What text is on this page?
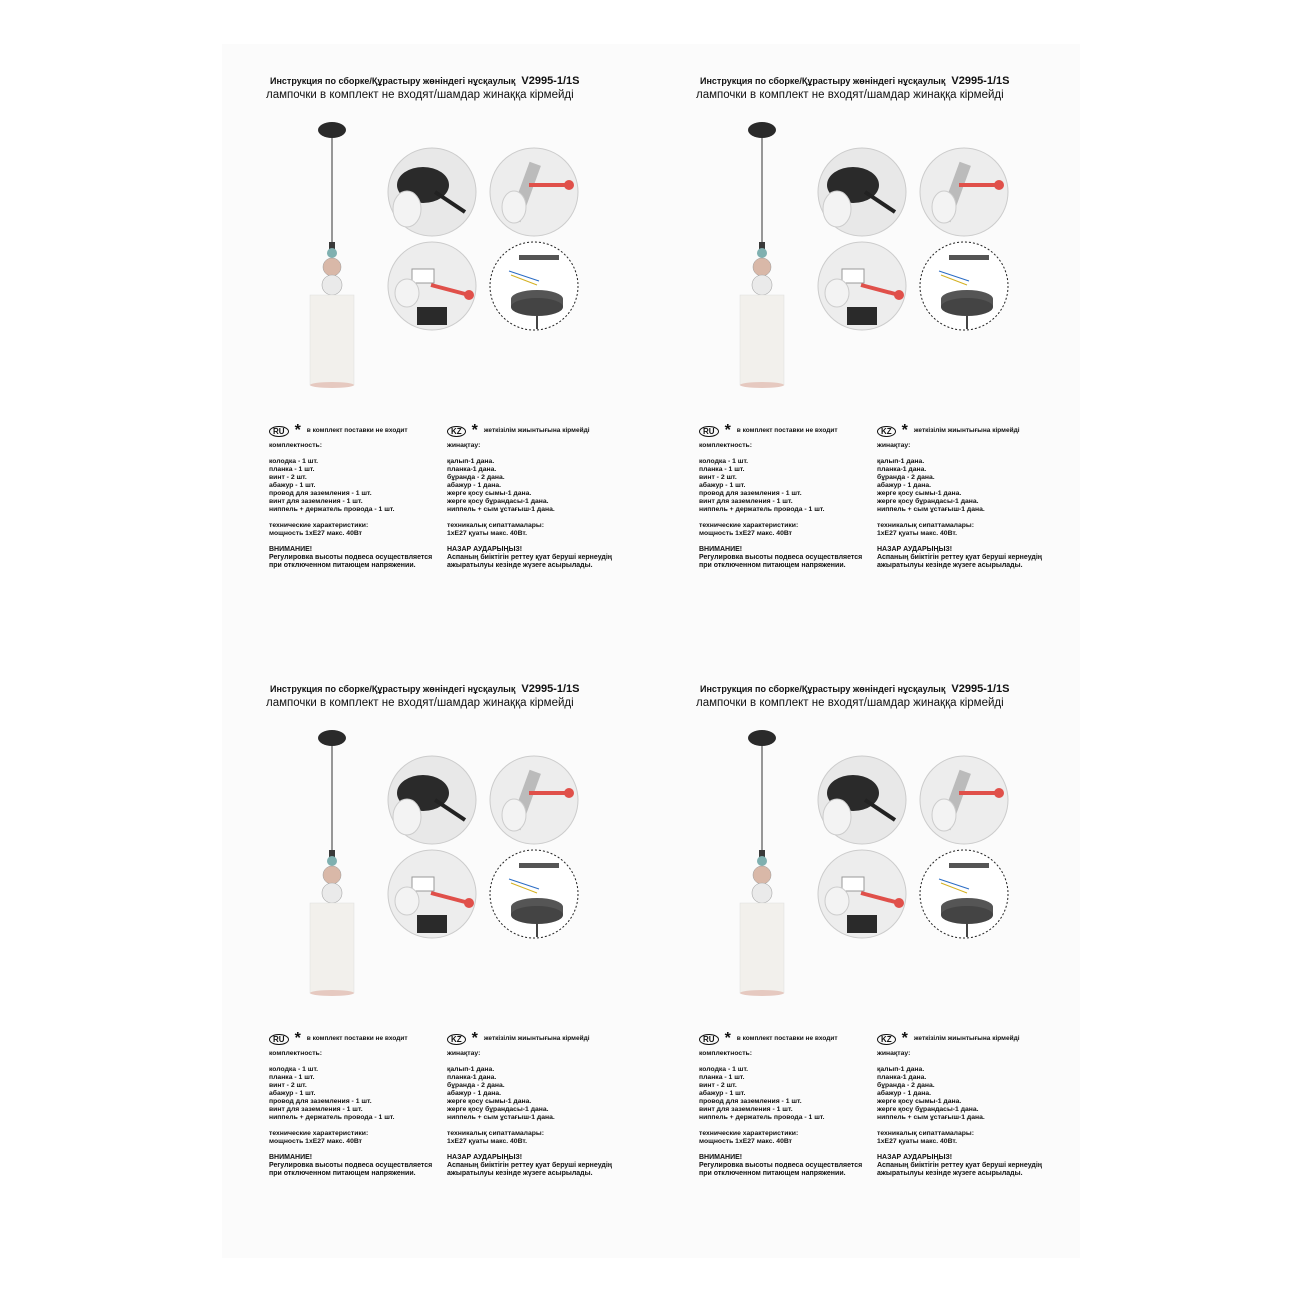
Инструкция по сборке/Құрастыру жөніндегі нұсқаулық V2995-1/1S
лампочки в комплект не входят/шамдар жинаққа кірмейді
RU * в комплект поставки не входит
комплектность:
колодка - 1 шт.
планка - 1 шт.
винт - 2 шт.
абажур - 1 шт.
провод для заземления - 1 шт.
винт для заземления - 1 шт.
ниппель + держатель провода - 1 шт.
технические характеристики:
мощность 1xE27 макс. 40Вт
ВНИМАНИЕ!
Регулировка высоты подвеса осуществляется
при отключенном питающем напряжении.
KZ * жеткізілім жиынтығына кірмейді
жинақтау:
қалып-1 дана.
планка-1 дана.
бұранда - 2 дана.
абажур - 1 дана.
жерге қосу сымы-1 дана.
жерге қосу бұрандасы-1 дана.
ниппель + сым ұстағыш-1 дана.
техникалық сипаттамалары:
1xE27 қуаты макс. 40Вт.
НАЗАР АУДАРЫҢЫЗ!
Аспаның биіктігін реттеу қуат беруші кернеудің
ажыратылуы кезінде жүзеге асырылады.
Инструкция по сборке/Құрастыру жөніндегі нұсқаулық V2995-1/1S
лампочки в комплект не входят/шамдар жинаққа кірмейді
RU * в комплект поставки не входит
комплектность:
колодка - 1 шт.
планка - 1 шт.
винт - 2 шт.
абажур - 1 шт.
провод для заземления - 1 шт.
винт для заземления - 1 шт.
ниппель + держатель провода - 1 шт.
технические характеристики:
мощность 1xE27 макс. 40Вт
ВНИМАНИЕ!
Регулировка высоты подвеса осуществляется
при отключенном питающем напряжении.
KZ * жеткізілім жиынтығына кірмейді
жинақтау:
қалып-1 дана.
планка-1 дана.
бұранда - 2 дана.
абажур - 1 дана.
жерге қосу сымы-1 дана.
жерге қосу бұрандасы-1 дана.
ниппель + сым ұстағыш-1 дана.
техникалық сипаттамалары:
1xE27 қуаты макс. 40Вт.
НАЗАР АУДАРЫҢЫЗ!
Аспаның биіктігін реттеу қуат беруші кернеудің
ажыратылуы кезінде жүзеге асырылады.
Инструкция по сборке/Құрастыру жөніндегі нұсқаулық V2995-1/1S
лампочки в комплект не входят/шамдар жинаққа кірмейді
RU * в комплект поставки не входит
комплектность:
колодка - 1 шт.
планка - 1 шт.
винт - 2 шт.
абажур - 1 шт.
провод для заземления - 1 шт.
винт для заземления - 1 шт.
ниппель + держатель провода - 1 шт.
технические характеристики:
мощность 1xE27 макс. 40Вт
ВНИМАНИЕ!
Регулировка высоты подвеса осуществляется
при отключенном питающем напряжении.
KZ * жеткізілім жиынтығына кірмейді
жинақтау:
қалып-1 дана.
планка-1 дана.
бұранда - 2 дана.
абажур - 1 дана.
жерге қосу сымы-1 дана.
жерге қосу бұрандасы-1 дана.
ниппель + сым ұстағыш-1 дана.
техникалық сипаттамалары:
1xE27 қуаты макс. 40Вт.
НАЗАР АУДАРЫҢЫЗ!
Аспаның биіктігін реттеу қуат беруші кернеудің
ажыратылуы кезінде жүзеге асырылады.
Инструкция по сборке/Құрастыру жөніндегі нұсқаулық V2995-1/1S
лампочки в комплект не входят/шамдар жинаққа кірмейді
RU * в комплект поставки не входит
комплектность:
колодка - 1 шт.
планка - 1 шт.
винт - 2 шт.
абажур - 1 шт.
провод для заземления - 1 шт.
винт для заземления - 1 шт.
ниппель + держатель провода - 1 шт.
технические характеристики:
мощность 1xE27 макс. 40Вт
ВНИМАНИЕ!
Регулировка высоты подвеса осуществляется
при отключенном питающем напряжении.
KZ * жеткізілім жиынтығына кірмейді
жинақтау:
қалып-1 дана.
планка-1 дана.
бұранда - 2 дана.
абажур - 1 дана.
жерге қосу сымы-1 дана.
жерге қосу бұрандасы-1 дана.
ниппель + сым ұстағыш-1 дана.
техникалық сипаттамалары:
1xE27 қуаты макс. 40Вт.
НАЗАР АУДАРЫҢЫЗ!
Аспаның биіктігін реттеу қуат беруші кернеудің
ажыратылуы кезінде жүзеге асырылады.
